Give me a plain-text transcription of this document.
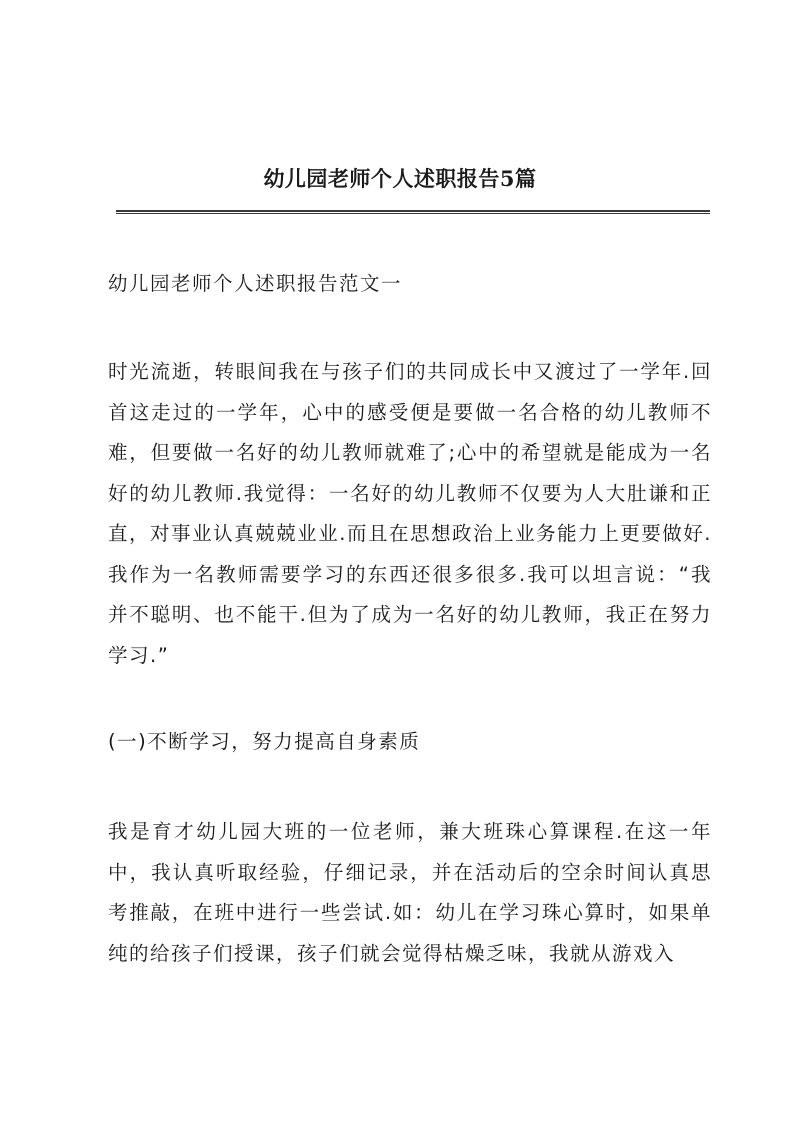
幼儿园老师个人述职报告5篇

幼儿园老师个人述职报告范文一

时光流逝，转眼间我在与孩子们的共同成长中又渡过了一学年.回首这走过的一学年，心中的感受便是要做一名合格的幼儿教师不难，但要做一名好的幼儿教师就难了;心中的希望就是能成为一名好的幼儿教师.我觉得：一名好的幼儿教师不仅要为人大肚谦和正直，对事业认真兢兢业业.而且在思想政治上业务能力上更要做好.我作为一名教师需要学习的东西还很多很多.我可以坦言说：“我并不聪明、也不能干.但为了成为一名好的幼儿教师，我正在努力学习.”

(一)不断学习，努力提高自身素质

我是育才幼儿园大班的一位老师，兼大班珠心算课程.在这一年中，我认真听取经验，仔细记录，并在活动后的空余时间认真思考推敲，在班中进行一些尝试.如：幼儿在学习珠心算时，如果单纯的给孩子们授课，孩子们就会觉得枯燥乏味，我就从游戏入
